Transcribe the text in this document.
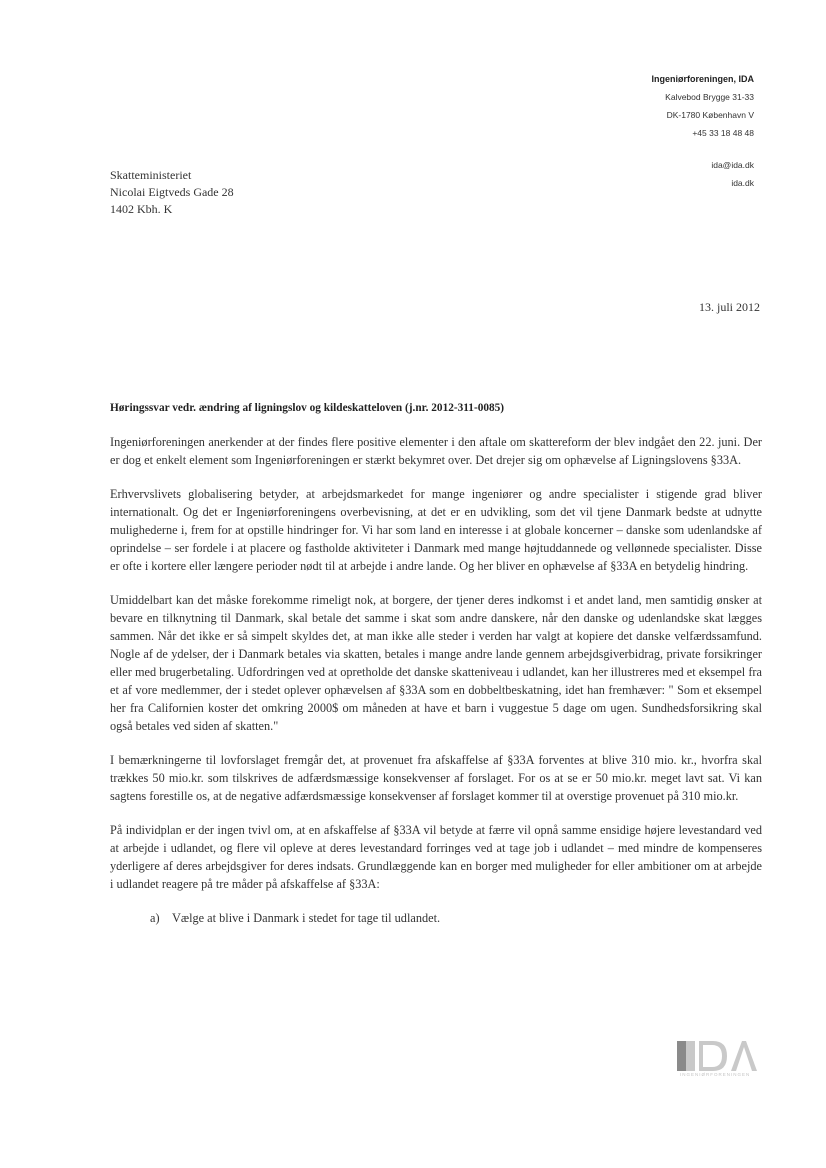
Ingeniørforeningen, IDA
Kalvebod Brygge 31-33
DK-1780 København V
+45 33 18 48 48
ida@ida.dk
ida.dk
Skatteministeriet
Nicolai Eigtveds Gade 28
1402 Kbh. K
13. juli 2012
Høringssvar vedr. ændring af ligningslov og kildeskatteloven (j.nr. 2012-311-0085)

Ingeniørforeningen anerkender at der findes flere positive elementer i den aftale om skattereform der blev indgået den 22. juni. Der er dog et enkelt element som Ingeniørforeningen er stærkt bekymret over. Det drejer sig om ophævelse af Ligningslovens §33A.

Erhvervslivets globalisering betyder, at arbejdsmarkedet for mange ingeniører og andre specialister i stigende grad bliver internationalt. Og det er Ingeniørforeningens overbevisning, at det er en udvikling, som det vil tjene Danmark bedste at udnytte mulighederne i, frem for at opstille hindringer for. Vi har som land en interesse i at globale koncerner – danske som udenlandske af oprindelse – ser fordele i at placere og fastholde aktiviteter i Danmark med mange højtuddannede og vellønnede specialister. Disse er ofte i kortere eller længere perioder nødt til at arbejde i andre lande. Og her bliver en ophævelse af §33A en betydelig hindring.

Umiddelbart kan det måske forekomme rimeligt nok, at borgere, der tjener deres indkomst i et andet land, men samtidig ønsker at bevare en tilknytning til Danmark, skal betale det samme i skat som andre danskere, når den danske og udenlandske skat lægges sammen. Når det ikke er så simpelt skyldes det, at man ikke alle steder i verden har valgt at kopiere det danske velfærdssamfund. Nogle af de ydelser, der i Danmark betales via skatten, betales i mange andre lande gennem arbejdsgiverbidrag, private forsikringer eller med brugerbetaling. Udfordringen ved at opretholde det danske skatteniveau i udlandet, kan her illustreres med et eksempel fra et af vore medlemmer, der i stedet oplever ophævelsen af §33A som en dobbeltbeskatning, idet han fremhæver: " Som et eksempel her fra Californien koster det omkring 2000$ om måneden at have et barn i vuggestue 5 dage om ugen. Sundhedsforsikring skal også betales ved siden af skatten."

I bemærkningerne til lovforslaget fremgår det, at provenuet fra afskaffelse af §33A forventes at blive 310 mio. kr., hvorfra skal trækkes 50 mio.kr. som tilskrives de adfærdsmæssige konsekvenser af forslaget. For os at se er 50 mio.kr. meget lavt sat. Vi kan sagtens forestille os, at de negative adfærdsmæssige konsekvenser af forslaget kommer til at overstige provenuet på 310 mio.kr.

På individplan er der ingen tvivl om, at en afskaffelse af §33A vil betyde at færre vil opnå samme ensidige højere levestandard ved at arbejde i udlandet, og flere vil opleve at deres levestandard forringes ved at tage job i udlandet – med mindre de kompenseres yderligere af deres arbejdsgiver for deres indsats. Grundlæggende kan en borger med muligheder for eller ambitioner om at arbejde i udlandet reagere på tre måder på afskaffelse af §33A:

a) Vælge at blive i Danmark i stedet for tage til udlandet.
IDA
INGENIØRFORENINGEN
